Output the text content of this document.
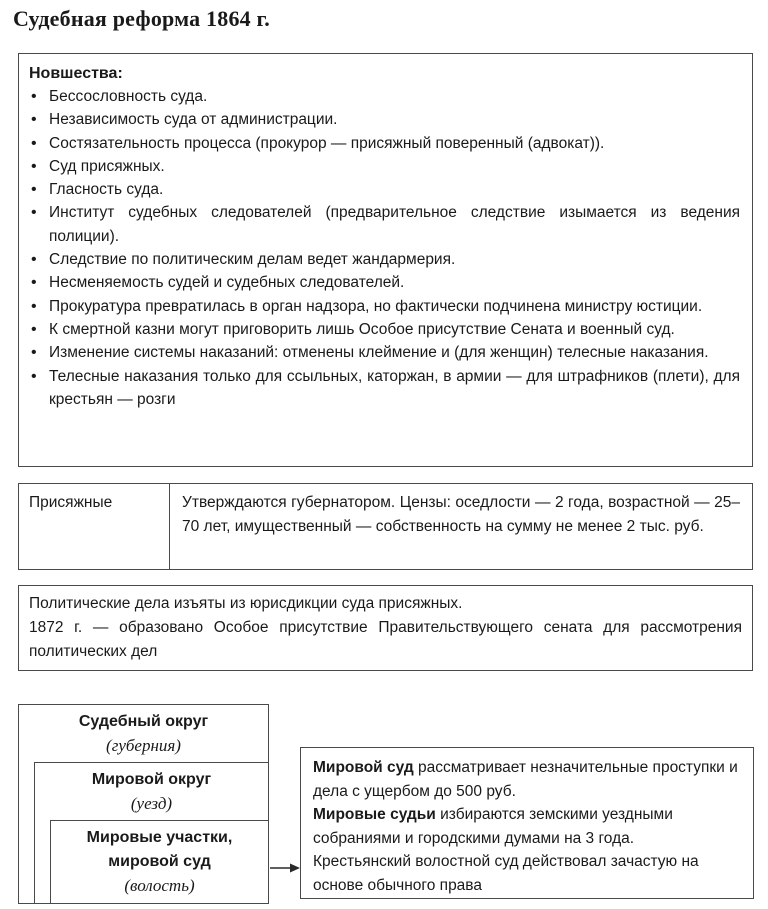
Судебная реформа 1864 г.
Новшества:
• Бессословность суда.
• Независимость суда от администрации.
• Состязательность процесса (прокурор — присяжный поверенный (адвокат)).
• Суд присяжных.
• Гласность суда.
• Институт судебных следователей (предварительное следствие изымается из ведения полиции).
• Следствие по политическим делам ведет жандармерия.
• Несменяемость судей и судебных следователей.
• Прокуратура превратилась в орган надзора, но фактически подчинена министру юстиции.
• К смертной казни могут приговорить лишь Особое присутствие Сената и военный суд.
• Изменение системы наказаний: отменены клеймение и (для женщин) телесные наказания.
• Телесные наказания только для ссыльных, каторжан, в армии — для штрафников (плети), для крестьян — розги
Присяжные	Утверждаются губернатором. Цензы: оседлости — 2 года, возрастной — 25–70 лет, имущественный — собственность на сумму не менее 2 тыс. руб.
Политические дела изъяты из юрисдикции суда присяжных.
1872 г. — образовано Особое присутствие Правительствующего сената для рассмотрения политических дел
Судебный округ
(губерния)
Мировой округ
(уезд)
Мировые участки,
мировой суд
(волость)
Мировой суд рассматривает незначительные проступки и дела с ущербом до 500 руб.
Мировые судьи избираются земскими уездными собраниями и городскими думами на 3 года.
Крестьянский волостной суд действовал зачастую на основе обычного права
